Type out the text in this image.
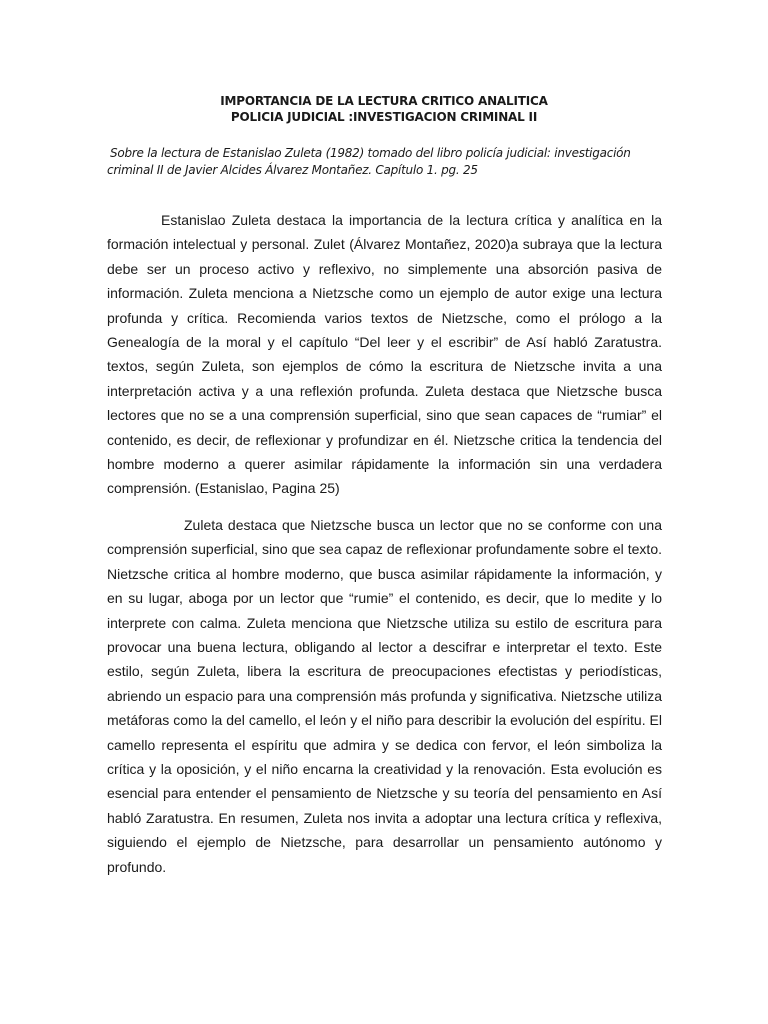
IMPORTANCIA DE LA LECTURA CRITICO ANALITICA
POLICIA JUDICIAL :INVESTIGACION CRIMINAL II
Sobre la lectura de Estanislao Zuleta (1982) tomado del libro policía judicial: investigación criminal II de Javier Alcides Álvarez Montañez. Capítulo 1. pg. 25
Estanislao Zuleta destaca la importancia de la lectura crítica y analítica en la formación intelectual y personal. Zulet (Álvarez Montañez, 2020)a subraya que la lectura debe ser un proceso activo y reflexivo, no simplemente una absorción pasiva de información. Zuleta menciona a Nietzsche como un ejemplo de autor exige una lectura profunda y crítica. Recomienda varios textos de Nietzsche, como el prólogo a la Genealogía de la moral y el capítulo “Del leer y el escribir” de Así habló Zaratustra. textos, según Zuleta, son ejemplos de cómo la escritura de Nietzsche invita a una interpretación activa y a una reflexión profunda. Zuleta destaca que Nietzsche busca lectores que no se a una comprensión superficial, sino que sean capaces de “rumiar” el contenido, es decir, de reflexionar y profundizar en él. Nietzsche critica la tendencia del hombre moderno a querer asimilar rápidamente la información sin una verdadera comprensión. (Estanislao, Pagina 25)
Zuleta destaca que Nietzsche busca un lector que no se conforme con una comprensión superficial, sino que sea capaz de reflexionar profundamente sobre el texto. Nietzsche critica al hombre moderno, que busca asimilar rápidamente la información, y en su lugar, aboga por un lector que “rumie” el contenido, es decir, que lo medite y lo interprete con calma. Zuleta menciona que Nietzsche utiliza su estilo de escritura para provocar una buena lectura, obligando al lector a descifrar e interpretar el texto. Este estilo, según Zuleta, libera la escritura de preocupaciones efectistas y periodísticas, abriendo un espacio para una comprensión más profunda y significativa. Nietzsche utiliza metáforas como la del camello, el león y el niño para describir la evolución del espíritu. El camello representa el espíritu que admira y se dedica con fervor, el león simboliza la crítica y la oposición, y el niño encarna la creatividad y la renovación. Esta evolución es esencial para entender el pensamiento de Nietzsche y su teoría del pensamiento en Así habló Zaratustra. En resumen, Zuleta nos invita a adoptar una lectura crítica y reflexiva, siguiendo el ejemplo de Nietzsche, para desarrollar un pensamiento autónomo y profundo.
